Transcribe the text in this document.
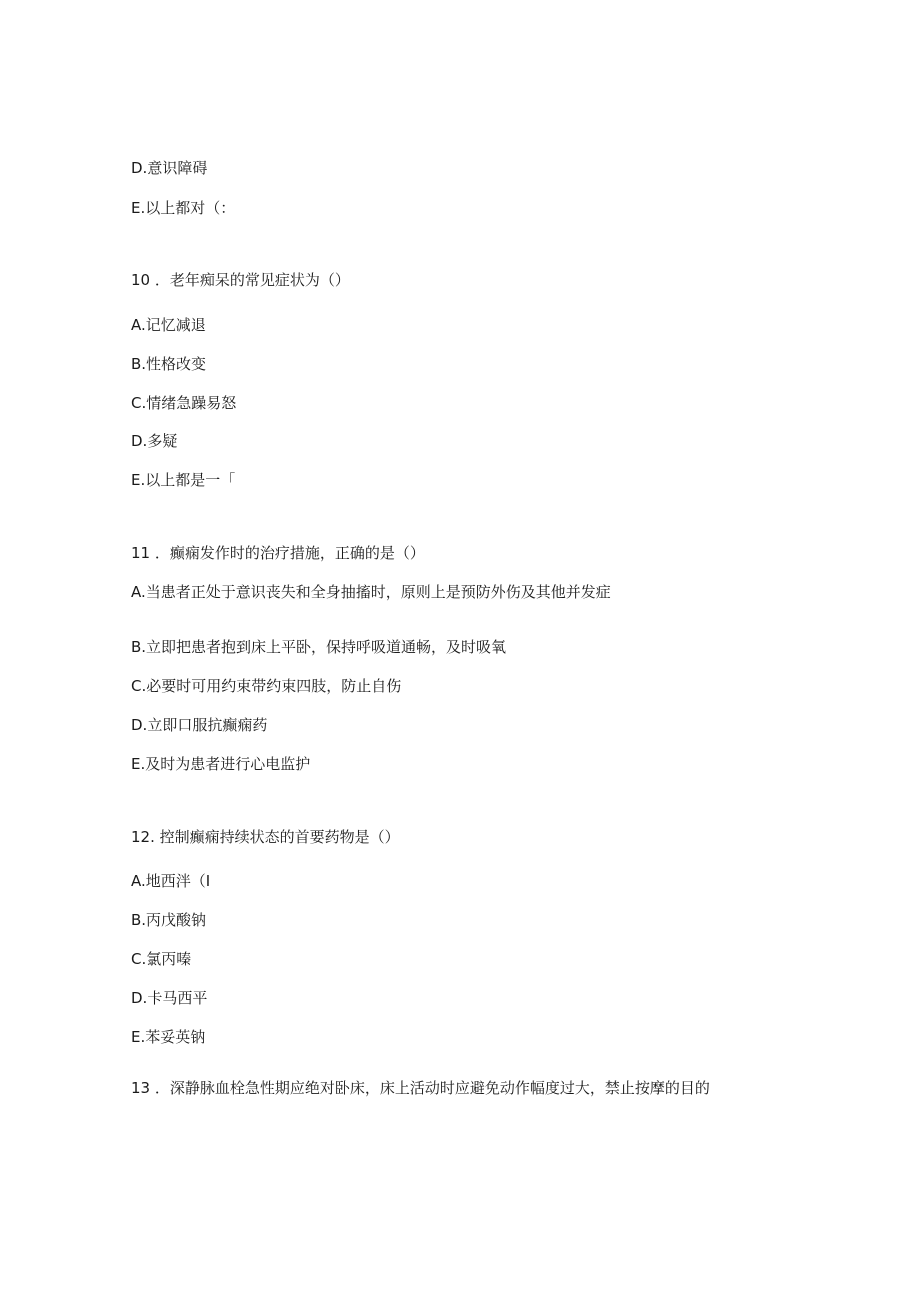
D.意识障碍
E.以上都对（：
10 ．老年痴呆的常见症状为（）
A.记忆减退
B.性格改变
C.情绪急躁易怒
D.多疑
E.以上都是一「
11 ．癫痫发作时的治疗措施，正确的是（）
A.当患者正处于意识丧失和全身抽搐时，原则上是预防外伤及其他并发症
B.立即把患者抱到床上平卧，保持呼吸道通畅，及时吸氧
C.必要时可用约束带约束四肢，防止自伤
D.立即口服抗癫痫药
E.及时为患者进行心电监护
12. 控制癫痫持续状态的首要药物是（）
A.地西泮（I
B.丙戊酸钠
C.氯丙嗪
D.卡马西平
E.苯妥英钠
13 ．深静脉血栓急性期应绝对卧床，床上活动时应避免动作幅度过大，禁止按摩的目的
